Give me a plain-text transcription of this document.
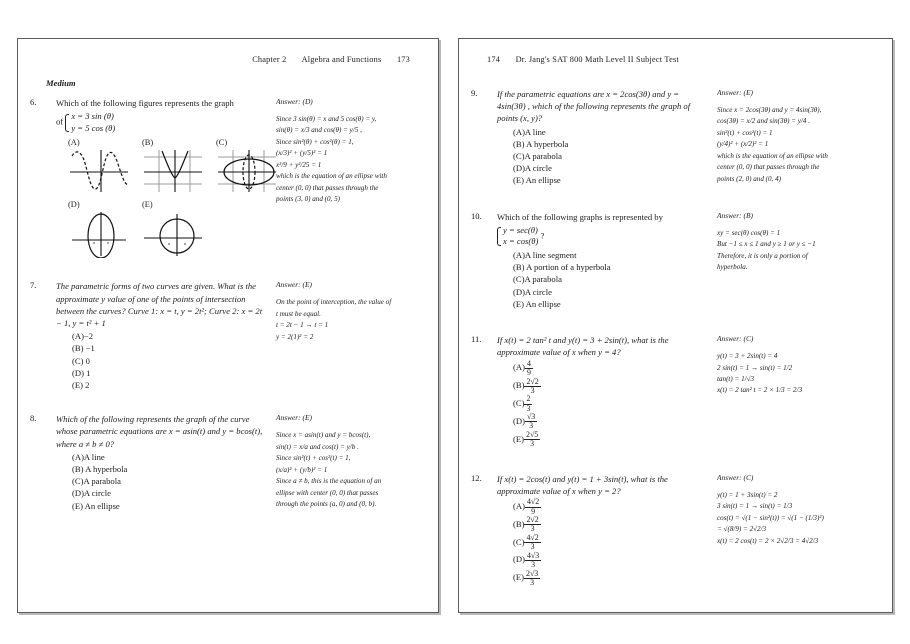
Chapter 2 Algebra and Functions 173
Medium
6.	Which of the following figures represents the graph
of
x = 3 sin (θ)
y = 5 cos (θ)
(A)	(B)	(C)
(D)	(E)
Answer: (D)
Since 3 sin(θ) = x and 5 cos(θ) = y,
sin(θ) = x/3 and cos(θ) = y/5 ,
Since sin²(θ) + cos²(θ) = 1,
(x/3)² + (y/5)² = 1
x²/9 + y²/25 = 1
which is the equation of an ellipse with
center (0, 0) that passes through the
points (3, 0) and (0, 5)
7.	The parametric forms of two curves are given. What is the approximate y value of one of the points of intersection between the curves? Curve 1: x = t, y = 2t²; Curve 2: x = 2t − 1, y = t² + 1
(A)−2
(B) −1
(C) 0
(D) 1
(E) 2
Answer: (E)
On the point of interception, the value of
t must be equal.
t = 2t − 1 → t = 1
y = 2(1)² = 2
8.	Which of the following represents the graph of the curve whose parametric equations are x = asin(t) and y = bcos(t), where a ≠ b ≠ 0?
(A)A line
(B) A hyperbola
(C)A parabola
(D)A circle
(E) An ellipse
Answer: (E)
Since x = asin(t) and y = bcos(t),
sin(t) = x/a and cos(t) = y/b .
Since sin²(t) + cos²(t) = 1,
(x/a)² + (y/b)² = 1
Since a ≠ b, this is the equation of an
ellipse with center (0, 0) that passes
through the points (a, 0) and (0, b).
174 Dr. Jang's SAT 800 Math Level II Subject Test
9.	If the parametric equations are x = 2cos(3θ) and y = 4sin(3θ) , which of the following represents the graph of points (x, y)?
(A)A line
(B) A hyperbola
(C)A parabola
(D)A circle
(E) An ellipse
Answer: (E)
Since x = 2cos(3θ) and y = 4sin(3θ),
cos(3θ) = x/2 and sin(3θ) = y/4 .
sin²(t) + cos²(t) = 1
(y/4)² + (x/2)² = 1
which is the equation of an ellipse with
center (0, 0) that passes through the
points (2, 0) and (0, 4)
10.	Which of the following graphs is represented by
y = sec(θ)
x = cos(θ)
?
(A)A line segment
(B) A portion of a hyperbola
(C)A parabola
(D)A circle
(E) An ellipse
Answer: (B)
xy = sec(θ) cos(θ) = 1
But −1 ≤ x ≤ 1 and y ≥ 1 or y ≤ −1
Therefore, it is only a portion of
hyperbola.
11.	If x(t) = 2 tan² t and y(t) = 3 + 2sin(t), what is the approximate value of x when y = 4?
$(A) \frac{4}{9}$
$(B) \frac{2√2}{3}$
$(C) \frac{2}{3}$
$(D) \frac{√3}{3}$
$(E) \frac{2√5}{3}$
Answer: (C)
y(t) = 3 + 2sin(t) = 4
2 sin(t) = 1 → sin(t) = 1/2
tan(t) = 1/√3
x(t) = 2 tan² t = 2 × 1/3 = 2/3
12.	If x(t) = 2cos(t) and y(t) = 1 + 3sin(t), what is the approximate value of x when y = 2?
$(A) \frac{4√2}{9}$
$(B) \frac{2√2}{3}$
$(C) \frac{4√2}{3}$
$(D) \frac{4√3}{3}$
$(E) \frac{2√3}{3}$
Answer: (C)
y(t) = 1 + 3sin(t) = 2
3 sin(t) = 1 → sin(t) = 1/3
cos(t) = √(1 − sin²(t)) = √(1 − (1/3)²)
= √(8/9) = 2√2/3
x(t) = 2 cos(t) = 2 × 2√2/3 = 4√2/3
